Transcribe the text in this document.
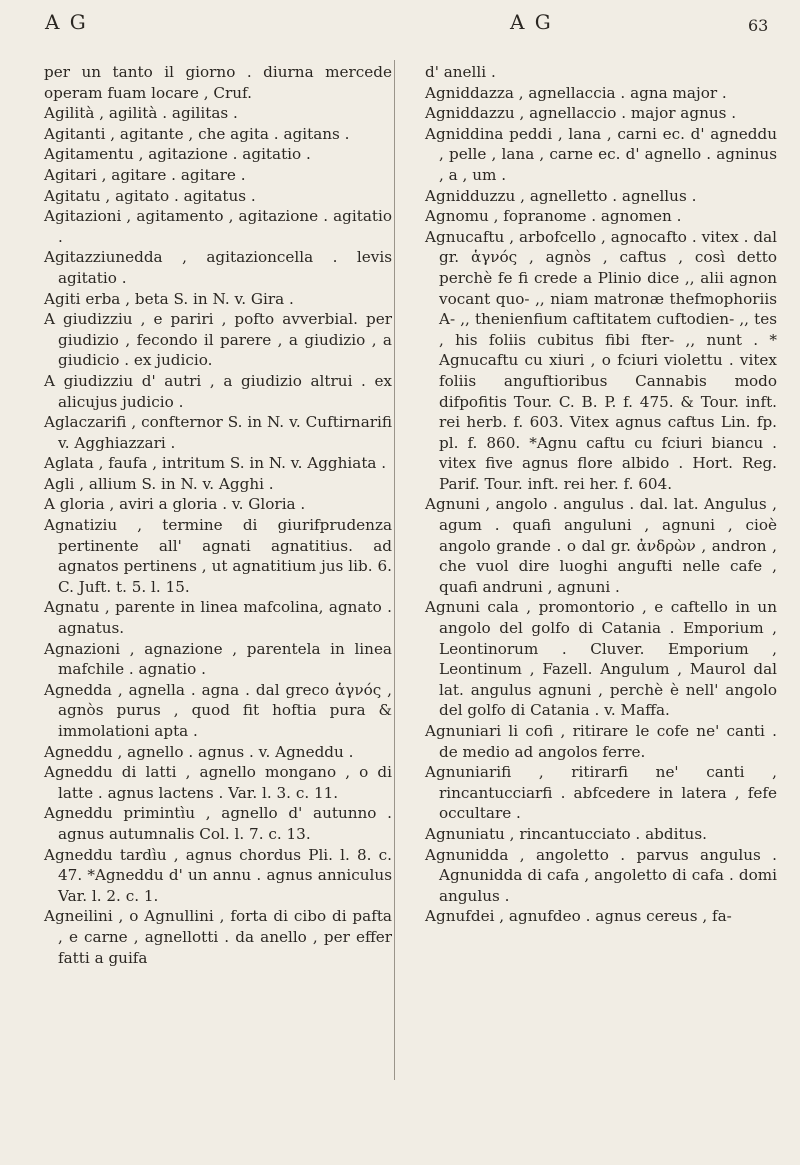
A G	A G	63

per un tanto il giorno . diurna mercede operam fuam locare , Cruf.

Agilità , agilità . agilitas .

Agitanti , agitante , che agita . agitans .

Agitamentu , agitazione . agitatio .

Agitari , agitare . agitare .

Agitatu , agitato . agitatus .

Agitazioni , agitamento , agitazione . agitatio .

Agitazziunedda , agitazioncella . levis agitatio .

Agiti erba , beta S. in N. v. Gira .

A giudizziu , e pariri , pofto avverbial. per giudizio , fecondo il parere , a giudizio , a giudicio . ex judicio.

A giudizziu d' autri , a giudizio altrui . ex alicujus judicio .

Aglaczarifi , confternor S. in N. v. Cuftirnarifi v. Agghiazzari .

Aglata , faufa , intritum S. in N. v. Agghiata .

Agli , allium S. in N. v. Agghi .

A gloria , aviri a gloria . v. Gloria .

Agnatiziu , termine di giurifprudenza pertinente all' agnati agnatitius. ad agnatos pertinens , ut agnatitium jus lib. 6. C. Juft. t. 5. l. 15.

Agnatu , parente in linea mafcolina, agnato . agnatus.

Agnazioni , agnazione , parentela in linea mafchile . agnatio .

Agnedda , agnella . agna . dal greco ἁγνός , agnòs purus , quod fit hoftia pura & immolationi apta .

Agneddu , agnello . agnus . v. Agneddu .

Agneddu di latti , agnello mongano , o di latte . agnus lactens . Var. l. 3. c. 11.

Agneddu primintìu , agnello d' autunno . agnus autumnalis Col. l. 7. c. 13.

Agneddu tardìu , agnus chordus Pli. l. 8. c. 47. *Agneddu d' un annu . agnus anniculus Var. l. 2. c. 1.

Agneilini , o Agnullini , forta di cibo di pafta , e carne , agnellotti . da anello , per effer fatti a guifa

d' anelli .

Agniddazza , agnellaccia . agna major .

Agniddazzu , agnellaccio . major agnus .

Agniddina peddi , lana , carni ec. d' agneddu , pelle , lana , carne ec. d' agnello . agninus , a , um .

Agnidduzzu , agnelletto . agnellus .

Agnomu , fopranome . agnomen .

Agnucaftu , arbofcello , agnocafto . vitex . dal gr. ἁγνός , agnòs , caftus , così detto perchè fe fi crede a Plinio dice ,, alii agnon vocant quo- ,, niam matronæ thefmophoriis A- ,, thenienfium caftitatem cuftodien- ,, tes , his foliis cubitus fibi fter- ,, nunt . * Agnucaftu cu xiuri , o fciuri violettu . vitex foliis anguftioribus Cannabis modo difpofitis Tour. C. B. P. f. 475. & Tour. inft. rei herb. f. 603. Vitex agnus caftus Lin. fp. pl. f. 860. *Agnu caftu cu fciuri biancu . vitex five agnus flore albido . Hort. Reg. Parif. Tour. inft. rei her. f. 604.

Agnuni , angolo . angulus . dal. lat. Angulus , agum . quafi anguluni , agnuni , cioè angolo grande . o dal gr. ἀνδρὼν , andron , che vuol dire luoghi angufti nelle cafe , quafi andruni , agnuni .

Agnuni cala , promontorio , e caftello in un angolo del golfo di Catania . Emporium , Leontinorum . Cluver. Emporium , Leontinum , Fazell. Angulum , Maurol dal lat. angulus agnuni , perchè è nell' angolo del golfo di Catania . v. Maffa.

Agnuniari li cofi , ritirare le cofe ne' canti . de medio ad angolos ferre.

Agnuniarifi , ritirarfi ne' canti , rincantucciarfi . abfcedere in latera , fefe occultare .

Agnuniatu , rincantucciato . abditus.

Agnunidda , angoletto . parvus angulus . Agnunidda di cafa , angoletto di cafa . domi angulus .

Agnufdei , agnufdeo . agnus cereus , fa-
